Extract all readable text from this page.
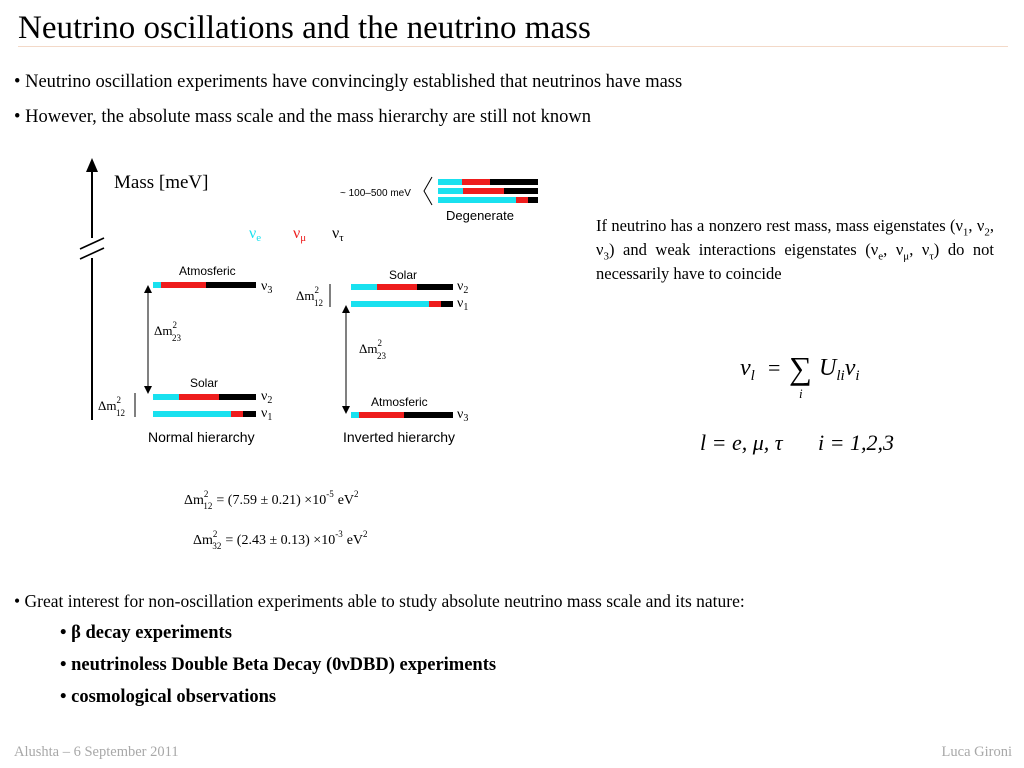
Neutrino oscillations and the neutrino mass
• Neutrino oscillation experiments have convincingly established that neutrinos have mass
• However, the absolute mass scale and the mass hierarchy are still not known
Mass [meV]
~ 100–500 meV
Degenerate
νe νμ ντ
Atmosferic
$\nu_3$
$\Delta m^2$ 23
Solar
$\nu_2$
$\nu_1$
$\Delta m^2$ 12
Normal hierarchy
Solar
$\nu_2$
$\nu_1$
$\Delta m^2$ 12
$\Delta m^2$ 23
Atmosferic
$\nu_3$
Inverted hierarchy
$\Delta m^2$ $12 = (7.59 \pm 0.21) \times 10^{-5}$ $eV^2$
$\Delta m^2$ $32 = (2.43 \pm 0.13) \times 10^{-3}$ $eV^2$
If neutrino has a nonzero rest mass, mass eigenstates ($\nu_1$, $\nu_2$, $\nu_3$) and weak interactions eigenstates ($\nu_e$, $\nu_\mu$, $\nu_\tau$) do not necessarily have to coincide
$\nu_l$ = ∑
i
$U_{li}\nu_i$
l = e, μ, τ i = 1,2,3
• Great interest for non-oscillation experiments able to study absolute neutrino mass scale and its nature:
• β decay experiments
• neutrinoless Double Beta Decay (0νDBD) experiments
• cosmological observations
Alushta – 6 September 2011	Luca Gironi
